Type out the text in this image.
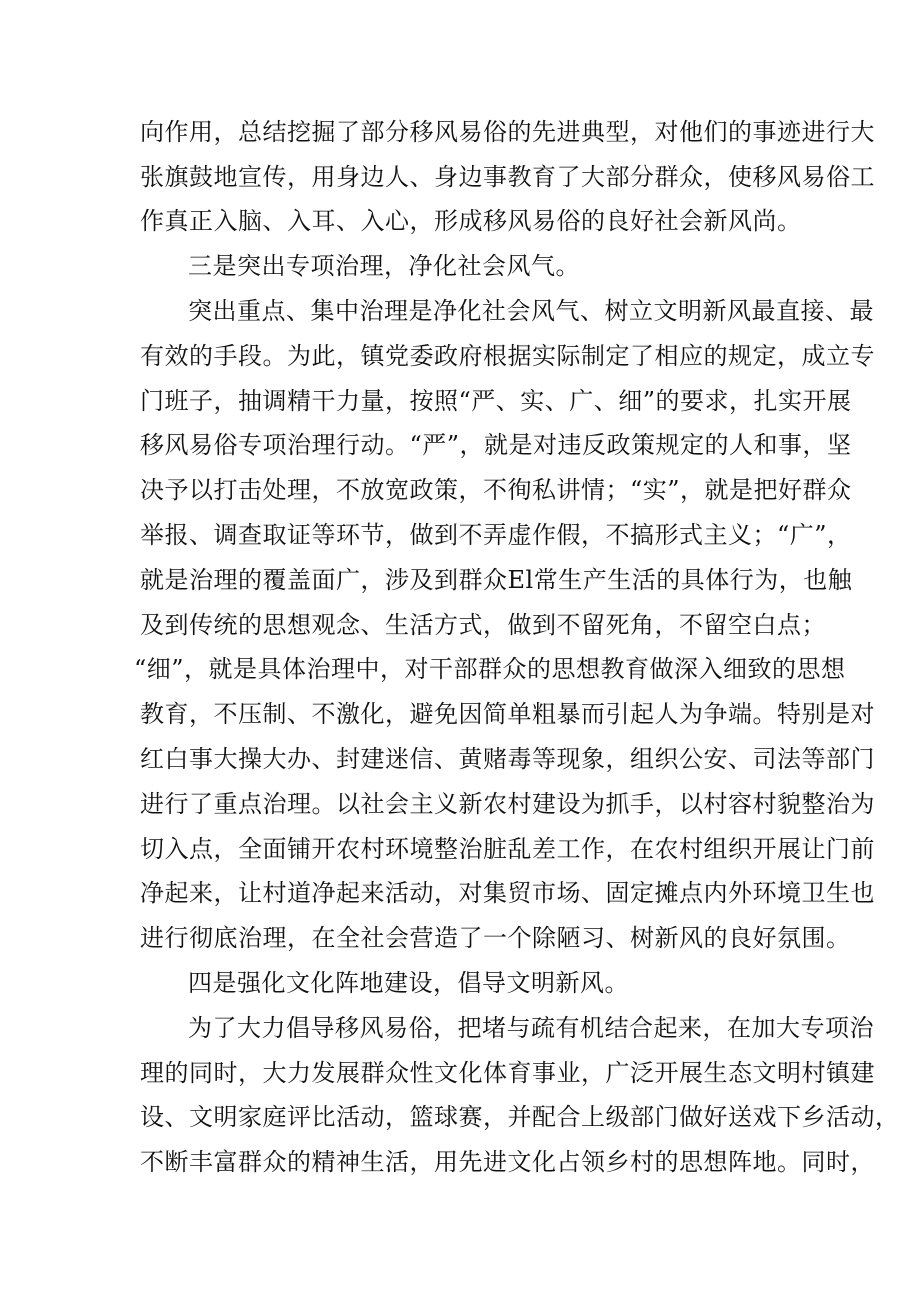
向作用，总结挖掘了部分移风易俗的先进典型，对他们的事迹进行大
张旗鼓地宣传，用身边人、身边事教育了大部分群众，使移风易俗工
作真正入脑、入耳、入心，形成移风易俗的良好社会新风尚。
三是突出专项治理，净化社会风气。
突出重点、集中治理是净化社会风气、树立文明新风最直接、最
有效的手段。为此，镇党委政府根据实际制定了相应的规定，成立专
门班子，抽调精干力量，按照“严、实、广、细”的要求，扎实开展
移风易俗专项治理行动。“严”，就是对违反政策规定的人和事，坚
决予以打击处理，不放宽政策，不徇私讲情；“实”，就是把好群众
举报、调查取证等环节，做到不弄虚作假，不搞形式主义；“广”，
就是治理的覆盖面广，涉及到群众El常生产生活的具体行为，也触
及到传统的思想观念、生活方式，做到不留死角，不留空白点；
“细”，就是具体治理中，对干部群众的思想教育做深入细致的思想
教育，不压制、不激化，避免因简单粗暴而引起人为争端。特别是对
红白事大操大办、封建迷信、黄赌毒等现象，组织公安、司法等部门
进行了重点治理。以社会主义新农村建设为抓手，以村容村貌整治为
切入点，全面铺开农村环境整治脏乱差工作，在农村组织开展让门前
净起来，让村道净起来活动，对集贸市场、固定摊点内外环境卫生也
进行彻底治理，在全社会营造了一个除陋习、树新风的良好氛围。
四是强化文化阵地建设，倡导文明新风。
为了大力倡导移风易俗，把堵与疏有机结合起来，在加大专项治
理的同时，大力发展群众性文化体育事业，广泛开展生态文明村镇建
设、文明家庭评比活动，篮球赛，并配合上级部门做好送戏下乡活动，
不断丰富群众的精神生活，用先进文化占领乡村的思想阵地。同时，
